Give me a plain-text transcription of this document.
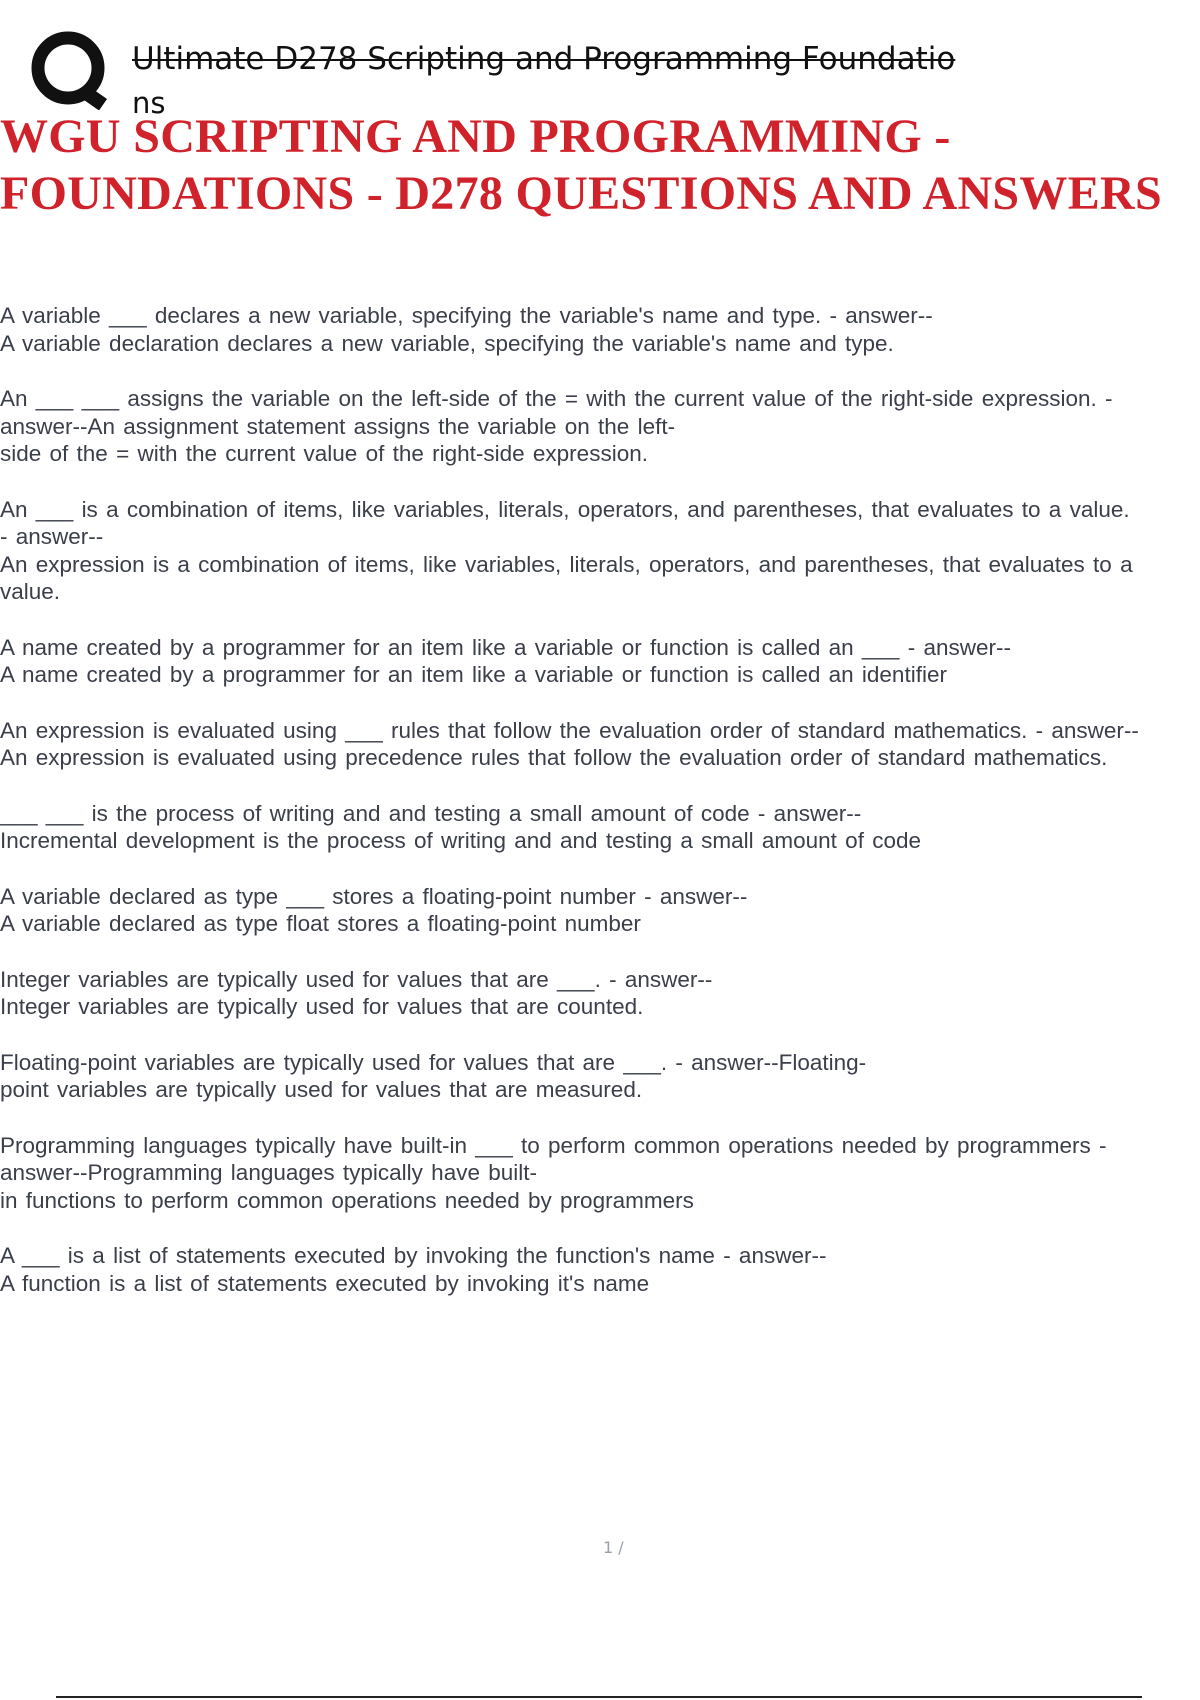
Ultimate D278 Scripting and Programming Foundatio
ns
WGU SCRIPTING AND PROGRAMMING -
FOUNDATIONS - D278 QUESTIONS AND ANSWERS
A variable ___ declares a new variable, specifying the variable's name and type. - answer--
A variable declaration declares a new variable, specifying the variable's name and type.
An ___ ___ assigns the variable on the left-side of the = with the current value of the right-side expression. -
answer--An assignment statement assigns the variable on the left-
side of the = with the current value of the right-side expression.
An ___ is a combination of items, like variables, literals, operators, and parentheses, that evaluates to a value.
- answer--
An expression is a combination of items, like variables, literals, operators, and parentheses, that evaluates to a
value.
A name created by a programmer for an item like a variable or function is called an ___ - answer--
A name created by a programmer for an item like a variable or function is called an identifier
An expression is evaluated using ___ rules that follow the evaluation order of standard mathematics. - answer--
An expression is evaluated using precedence rules that follow the evaluation order of standard mathematics.
___ ___ is the process of writing and and testing a small amount of code - answer--
Incremental development is the process of writing and and testing a small amount of code
A variable declared as type ___ stores a floating-point number - answer--
A variable declared as type float stores a floating-point number
Integer variables are typically used for values that are ___. - answer--
Integer variables are typically used for values that are counted.
Floating-point variables are typically used for values that are ___. - answer--Floating-
point variables are typically used for values that are measured.
Programming languages typically have built-in ___ to perform common operations needed by programmers -
answer--Programming languages typically have built-
in functions to perform common operations needed by programmers
A ___ is a list of statements executed by invoking the function's name - answer--
A function is a list of statements executed by invoking it's name
1 /
